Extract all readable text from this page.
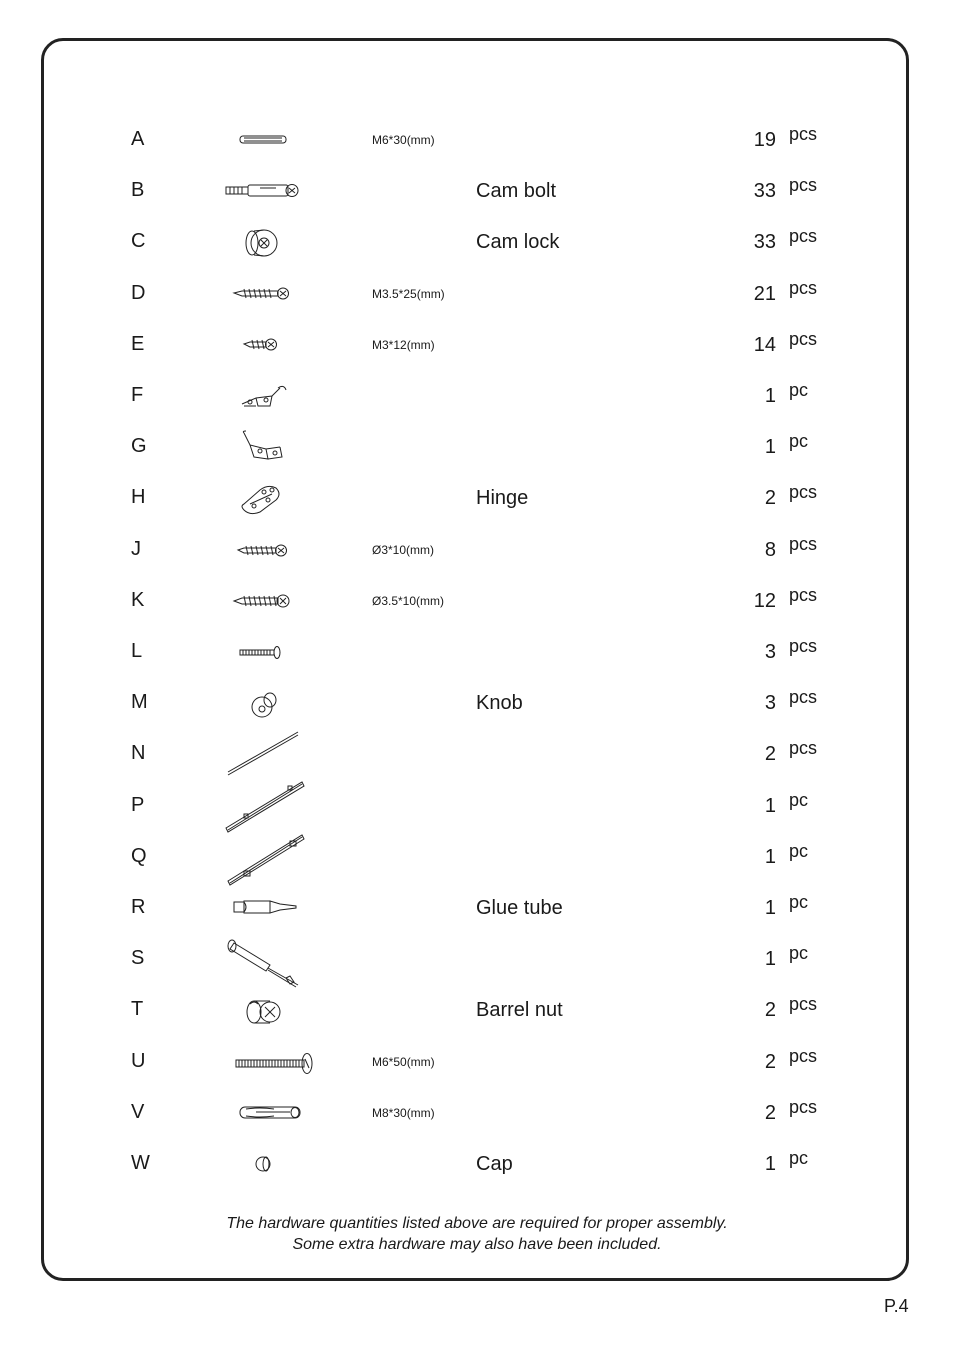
A	M6*30(mm)	19 pcs
B	Cam bolt	33 pcs
C	Cam lock	33 pcs
D	M3.5*25(mm)	21 pcs
E	M3*12(mm)	14 pcs
F	1 pc
G	1 pc
H	Hinge	2 pcs
J	Ø3*10(mm)	8 pcs
K	Ø3.5*10(mm)	12 pcs
L	3 pcs
M	Knob	3 pcs
N	2 pcs
P	1 pc
Q	1 pc
R	Glue tube	1 pc
S	1 pc
T	Barrel nut	2 pcs
U	M6*50(mm)	2 pcs
V	M8*30(mm)	2 pcs
W	Cap	1 pc
The hardware quantities listed above are required for proper assembly.
Some extra hardware may also have been included.
P.4
